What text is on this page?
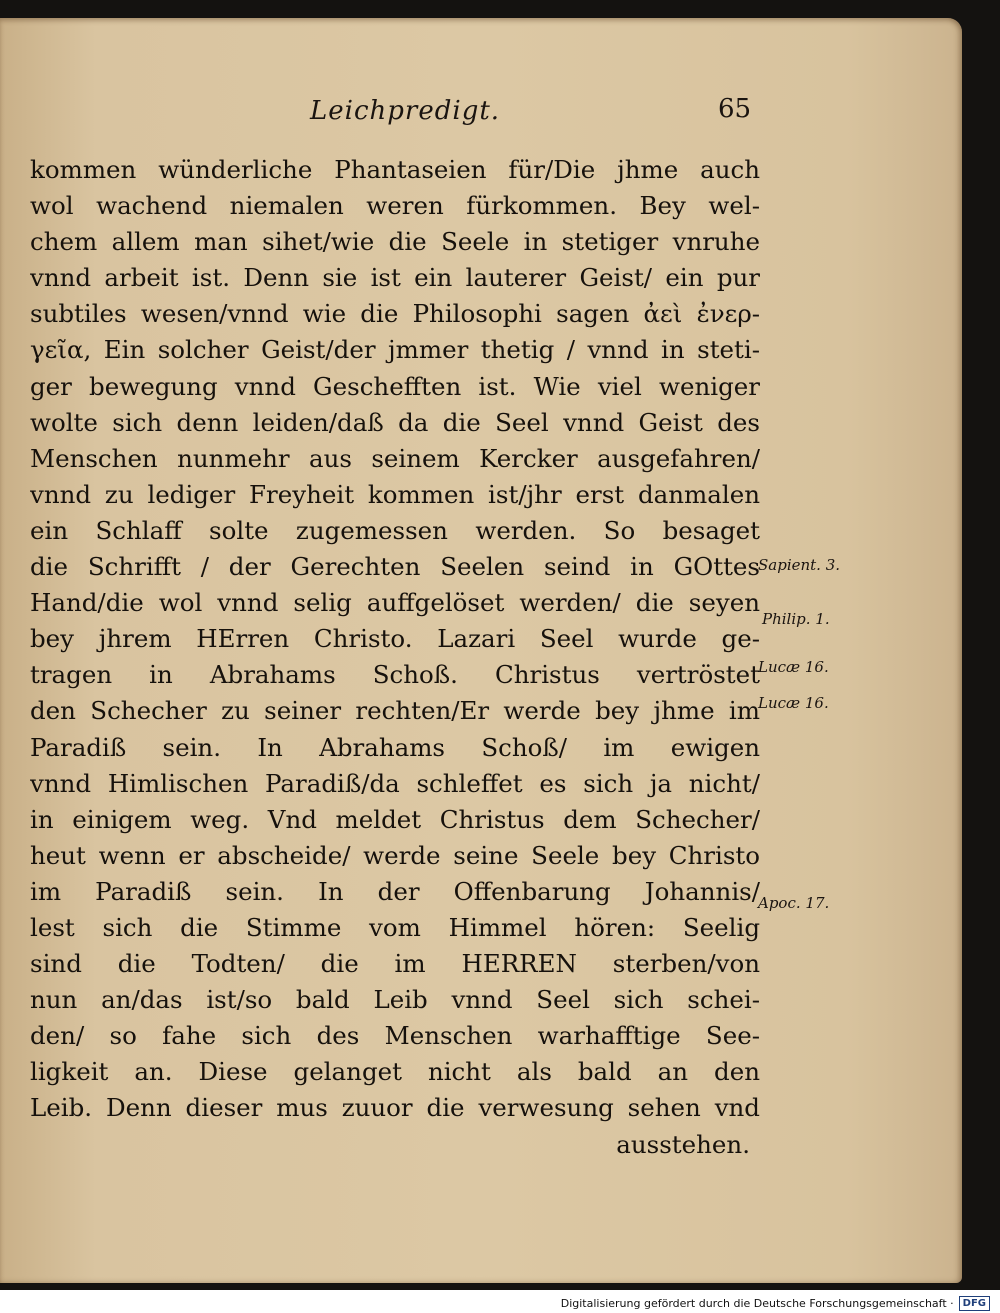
Leichpredigt.	65
kommen wünderliche Phantaseien für/Die jhme auch
wol wachend niemalen weren fürkommen. Bey wel-
chem allem man sihet/wie die Seele in stetiger vnruhe
vnnd arbeit ist. Denn sie ist ein lauterer Geist/ ein pur
subtiles wesen/vnnd wie die Philosophi sagen ἀεὶ ἐνερ-
γεῖα, Ein solcher Geist/der jmmer thetig / vnnd in steti-
ger bewegung vnnd Geschefften ist. Wie viel weniger
wolte sich denn leiden/daß da die Seel vnnd Geist des
Menschen nunmehr aus seinem Kercker ausgefahren/
vnnd zu lediger Freyheit kommen ist/jhr erst danmalen
ein Schlaff solte zugemessen werden. So besaget
die Schrifft / der Gerechten Seelen seind in GOttes
Hand/die wol vnnd selig auffgelöset werden/ die seyen
bey jhrem HErren Christo. Lazari Seel wurde ge-
tragen in Abrahams Schoß. Christus vertröstet
den Schecher zu seiner rechten/Er werde bey jhme im
Paradiß sein. In Abrahams Schoß/ im ewigen
vnnd Himlischen Paradiß/da schleffet es sich ja nicht/
in einigem weg. Vnd meldet Christus dem Schecher/
heut wenn er abscheide/ werde seine Seele bey Christo
im Paradiß sein. In der Offenbarung Johannis/
lest sich die Stimme vom Himmel hören: Seelig
sind die Todten/ die im HERREN sterben/von
nun an/das ist/so bald Leib vnnd Seel sich schei-
den/ so fahe sich des Menschen warhafftige See-
ligkeit an. Diese gelanget nicht als bald an den
Leib. Denn dieser mus zuuor die verwesung sehen vnd
ausstehen.
Sapient. 3.
Philip. 1.
Lucæ 16.
Lucæ 16.
Apoc. 17.
Digitalisierung gefördert durch die Deutsche Forschungsgemeinschaft · DFG
